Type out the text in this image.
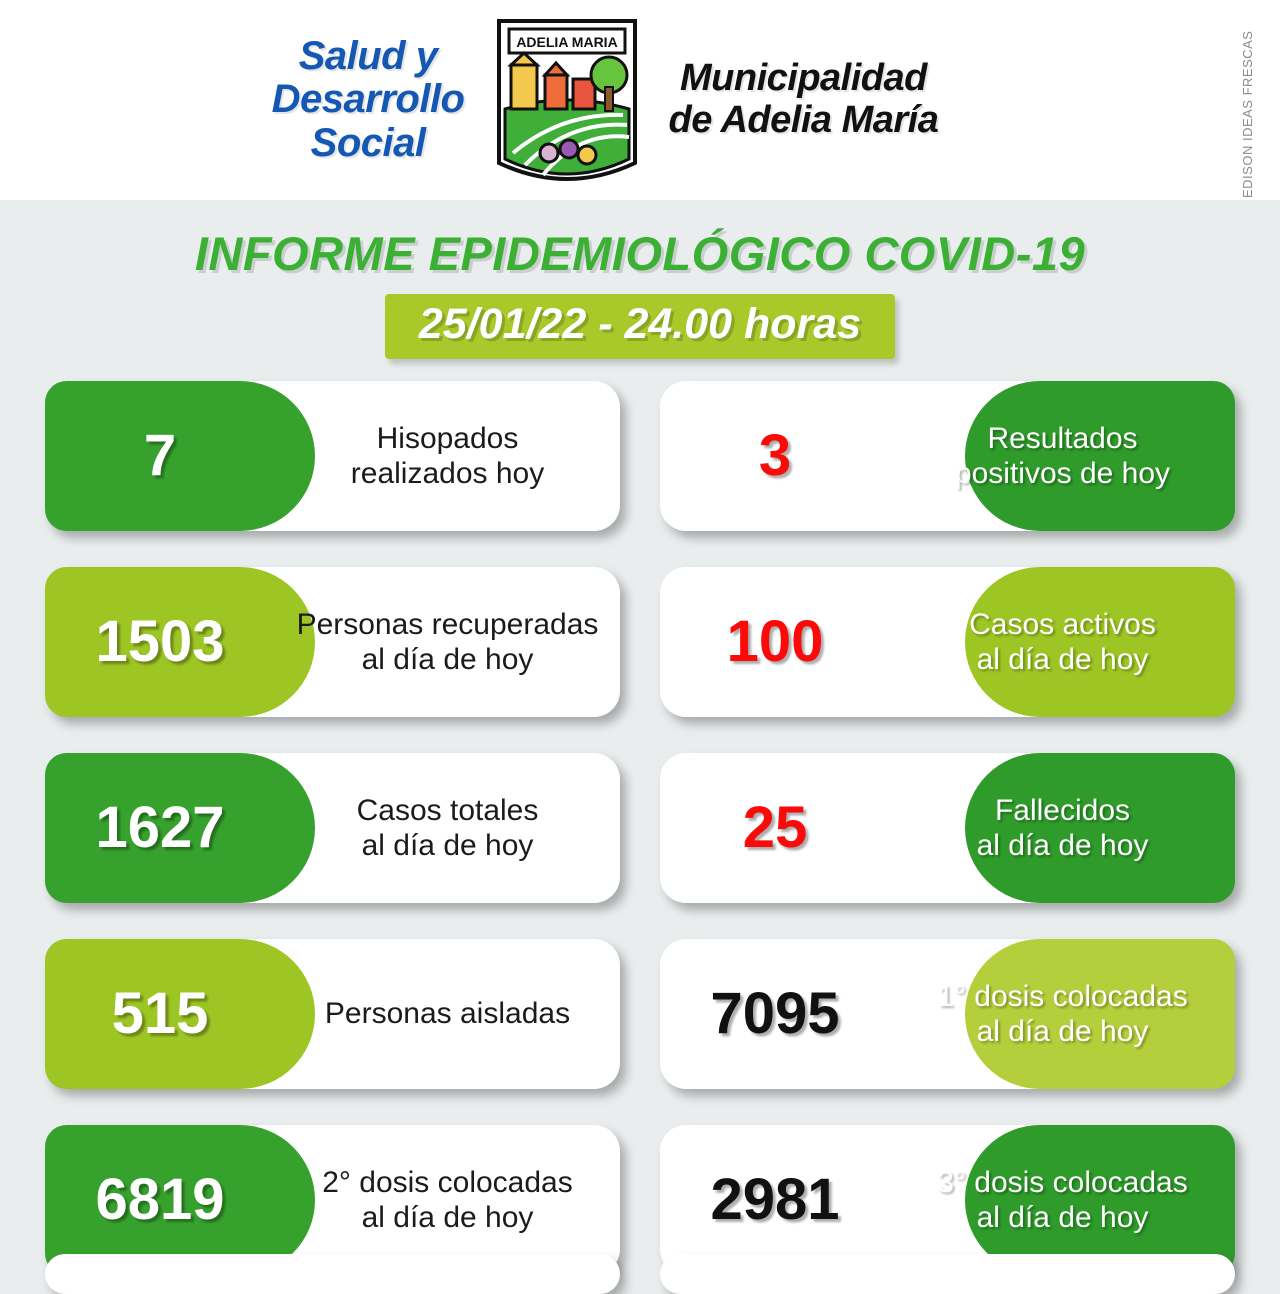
Salud y
Desarrollo
Social
ADELIA MARIA
Municipalidad
de Adelia María	EDISON IDEAS FRESCAS
INFORME EPIDEMIOLÓGICO COVID-19
25/01/22 - 24.00 horas
7	Hisopados
realizados hoy	3	Resultados
positivos de hoy
1503	Personas recuperadas
al día de hoy	100	Casos activos
al día de hoy
1627	Casos totales
al día de hoy	25	Fallecidos
al día de hoy
515	Personas aisladas	7095	1° dosis colocadas
al día de hoy
6819	2° dosis colocadas
al día de hoy	2981	3° dosis colocadas
al día de hoy
